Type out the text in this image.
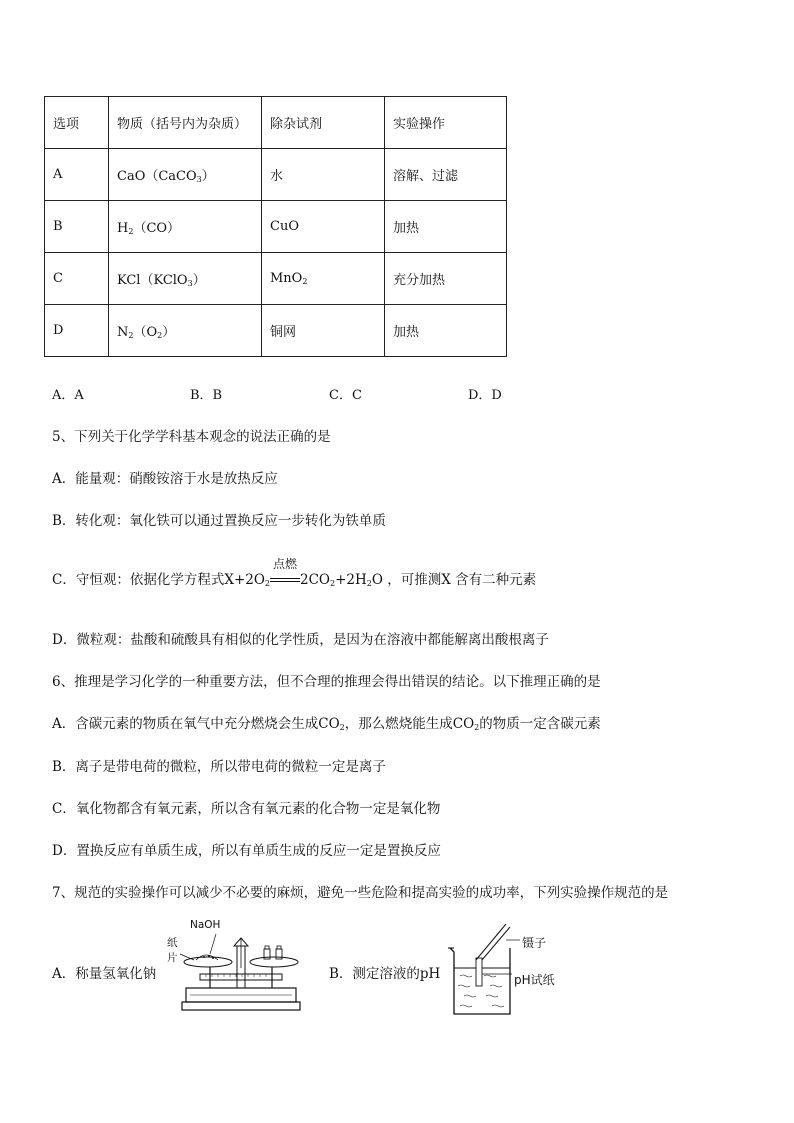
选项	物质（括号内为杂质）	除杂试剂	实验操作
A	CaO（CaCO$_3$）	水	溶解、过滤
B	$H_2(CO)$	CuO	加热
C	KCl（KClO$_3$）	MnO$_2$	充分加热
D	$N_2(O_2)$	铜网	加热
A．A	B．B	C．C	D．D
5、下列关于化学学科基本观念的说法正确的是
A．能量观：硝酸铵溶于水是放热反应
B．转化观：氧化铁可以通过置换反应一步转化为铁单质
C．守恒观：依据化学方程式$X+2O_2$
点燃
$2CO_2+2H_2O$ ，可推测X 含有二种元素
D．微粒观：盐酸和硫酸具有相似的化学性质，是因为在溶液中都能解离出酸根离子
6、推理是学习化学的一种重要方法，但不合理的推理会得出错误的结论。以下推理正确的是
A．含碳元素的物质在氧气中充分燃烧会生成$CO_2$，那么燃烧能生成$CO_2$的物质一定含碳元素
B．离子是带电荷的微粒，所以带电荷的微粒一定是离子
C．氧化物都含有氧元素，所以含有氧元素的化合物一定是氧化物
D．置换反应有单质生成，所以有单质生成的反应一定是置换反应
7、规范的实验操作可以减少不必要的麻烦，避免一些危险和提高实验的成功率，下列实验操作规范的是
A．称量氢氧化钠	B．测定溶液的pH
NaOH
纸
片
镊子
pH试纸
